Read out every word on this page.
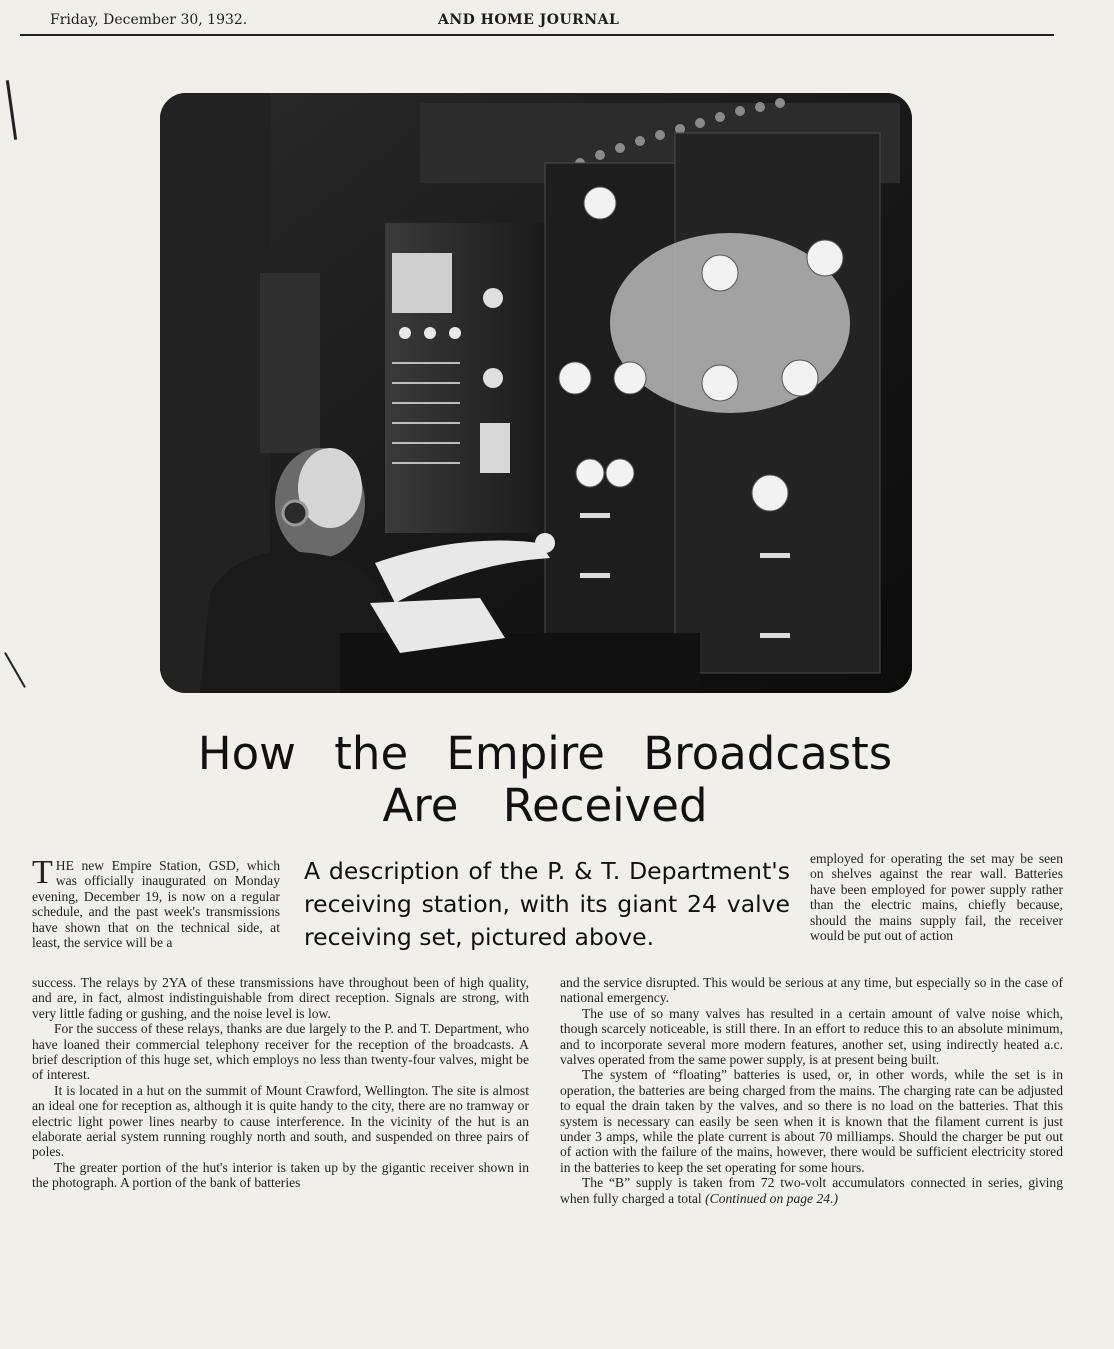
Friday, December 30, 1932.	AND HOME JOURNAL
How the Empire Broadcasts
Are Received
A description of the P. & T. Department's receiving station, with its giant 24 valve receiving set, pictured above.

THE new Empire Station, GSD, which was officially inaugurated on Monday evening, December 19, is now on a regular schedule, and the past week's transmissions have shown that on the technical side, at least, the service will be a

employed for operating the set may be seen on shelves against the rear wall. Batteries have been employed for power supply rather than the electric mains, chiefly because, should the mains supply fail, the receiver would be put out of action

success. The relays by 2YA of these transmissions have throughout been of high quality, and are, in fact, almost indistinguishable from direct reception. Signals are strong, with very little fading or gushing, and the noise level is low.

For the success of these relays, thanks are due largely to the P. and T. Department, who have loaned their commercial telephony receiver for the reception of the broadcasts. A brief description of this huge set, which employs no less than twenty-four valves, might be of interest.

It is located in a hut on the summit of Mount Crawford, Wellington. The site is almost an ideal one for reception as, although it is quite handy to the city, there are no tramway or electric light power lines nearby to cause interference. In the vicinity of the hut is an elaborate aerial system running roughly north and south, and suspended on three pairs of poles.

The greater portion of the hut's interior is taken up by the gigantic receiver shown in the photograph. A portion of the bank of batteries

and the service disrupted. This would be serious at any time, but especially so in the case of national emergency.

The use of so many valves has resulted in a certain amount of valve noise which, though scarcely noticeable, is still there. In an effort to reduce this to an absolute minimum, and to incorporate several more modern features, another set, using indirectly heated a.c. valves operated from the same power supply, is at present being built.

The system of “floating” batteries is used, or, in other words, while the set is in operation, the batteries are being charged from the mains. The charging rate can be adjusted to equal the drain taken by the valves, and so there is no load on the batteries. That this system is necessary can easily be seen when it is known that the filament current is just under 3 amps, while the plate current is about 70 milliamps. Should the charger be put out of action with the failure of the mains, however, there would be sufficient electricity stored in the batteries to keep the set operating for some hours.

The “B” supply is taken from 72 two-volt accumulators connected in series, giving when fully charged a total (Continued on page 24.)
